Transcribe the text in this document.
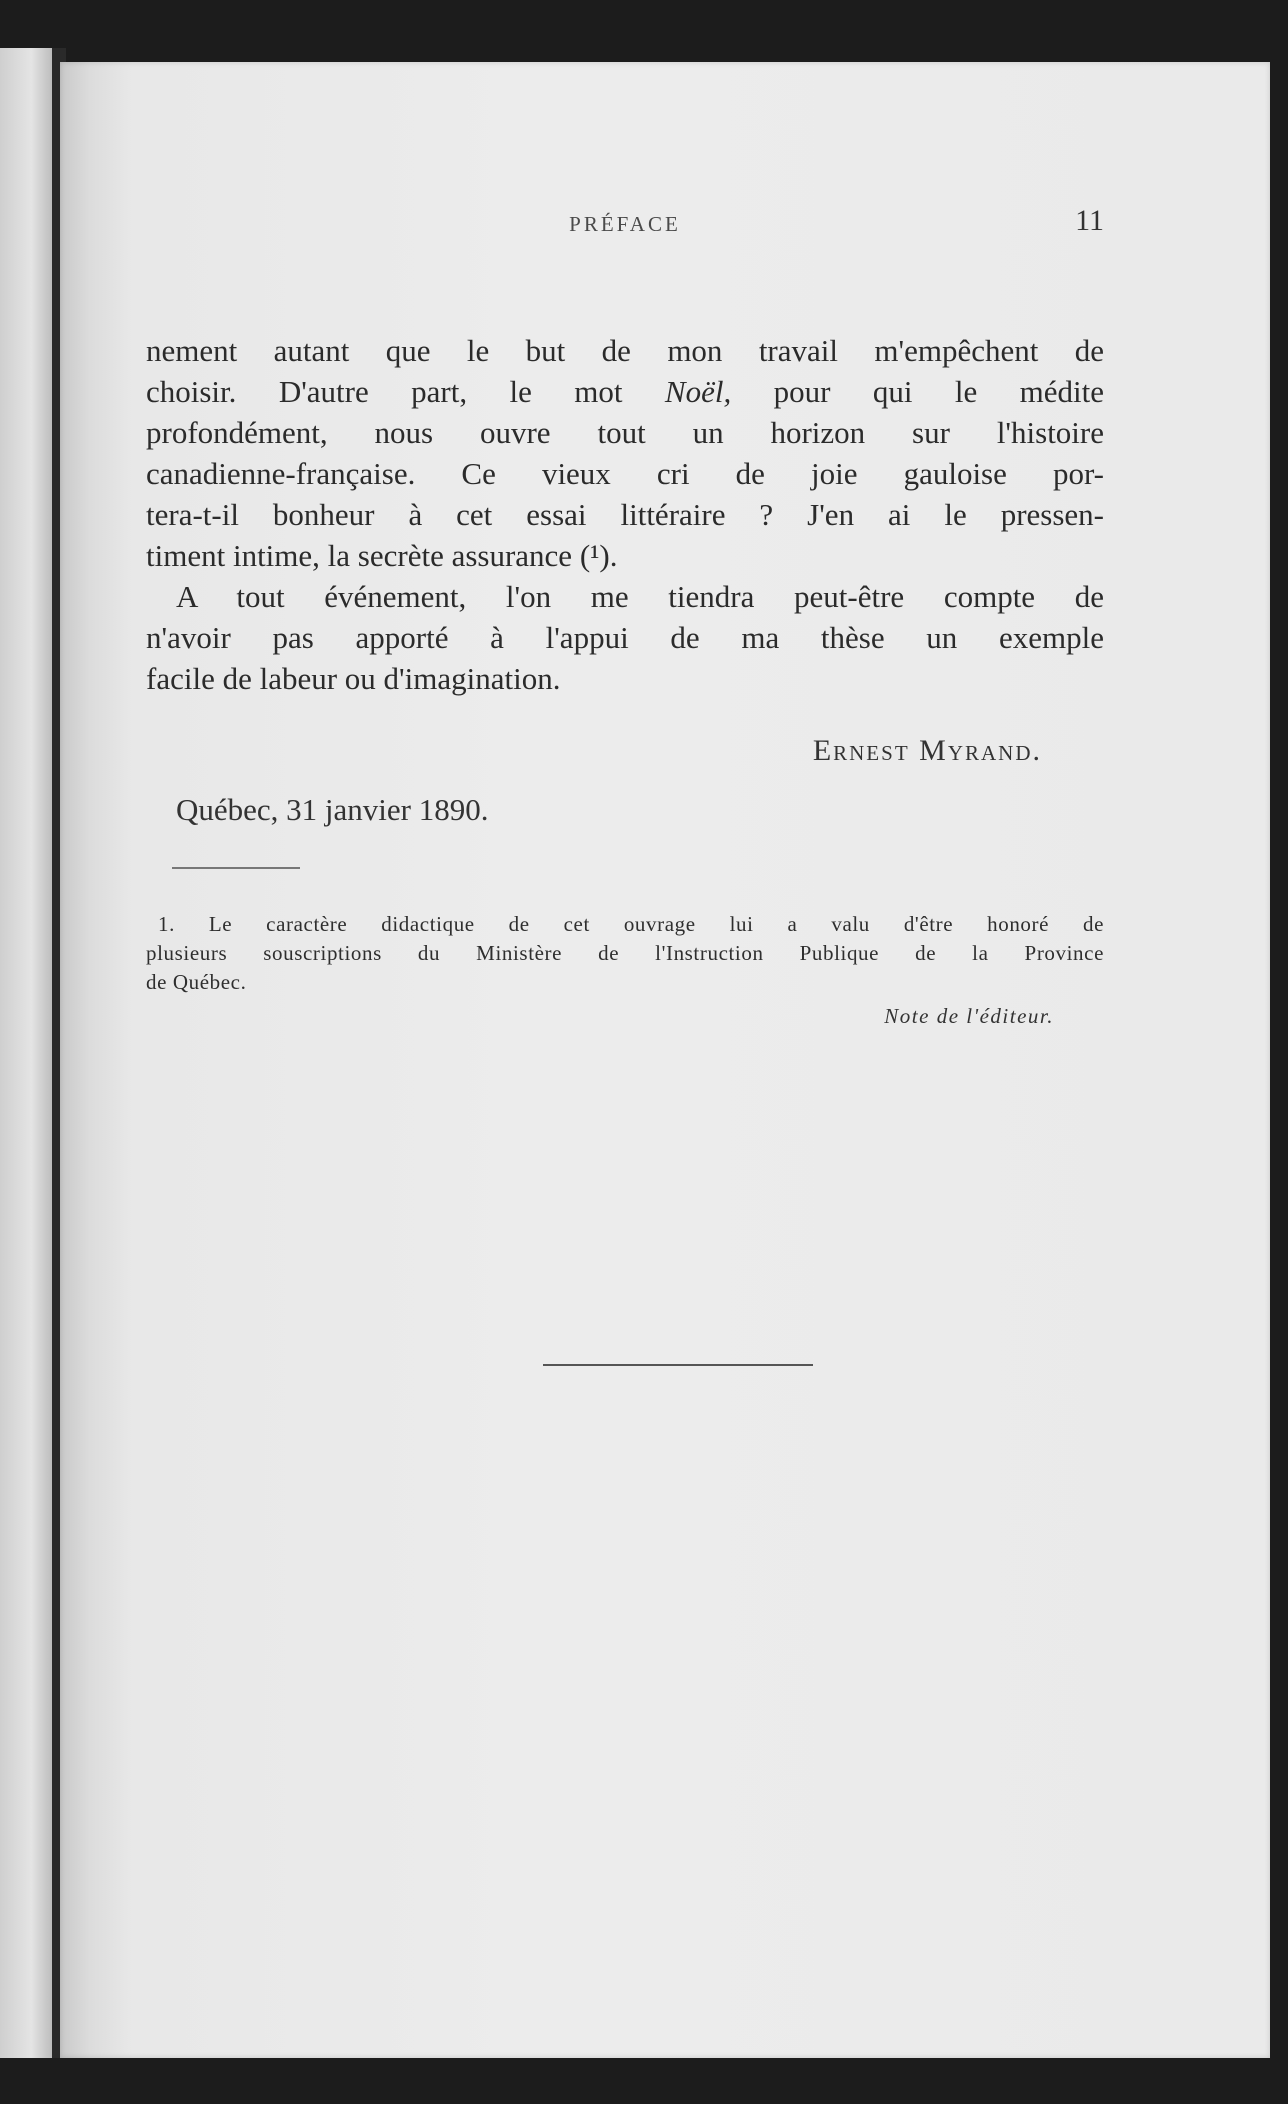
PRÉFACE	11

nement autant que le but de mon travail m'empêchent de

choisir. D'autre part, le mot Noël, pour qui le médite

profondément, nous ouvre tout un horizon sur l'histoire

canadienne-française. Ce vieux cri de joie gauloise por-

tera-t-il bonheur à cet essai littéraire ? J'en ai le pressen-

timent intime, la secrète assurance (¹).

A tout événement, l'on me tiendra peut-être compte de

n'avoir pas apporté à l'appui de ma thèse un exemple

facile de labeur ou d'imagination.

Ernest Myrand.
Québec, 31 janvier 1890.

1. Le caractère didactique de cet ouvrage lui a valu d'être honoré de

plusieurs souscriptions du Ministère de l'Instruction Publique de la Province

de Québec.

Note de l'éditeur.
